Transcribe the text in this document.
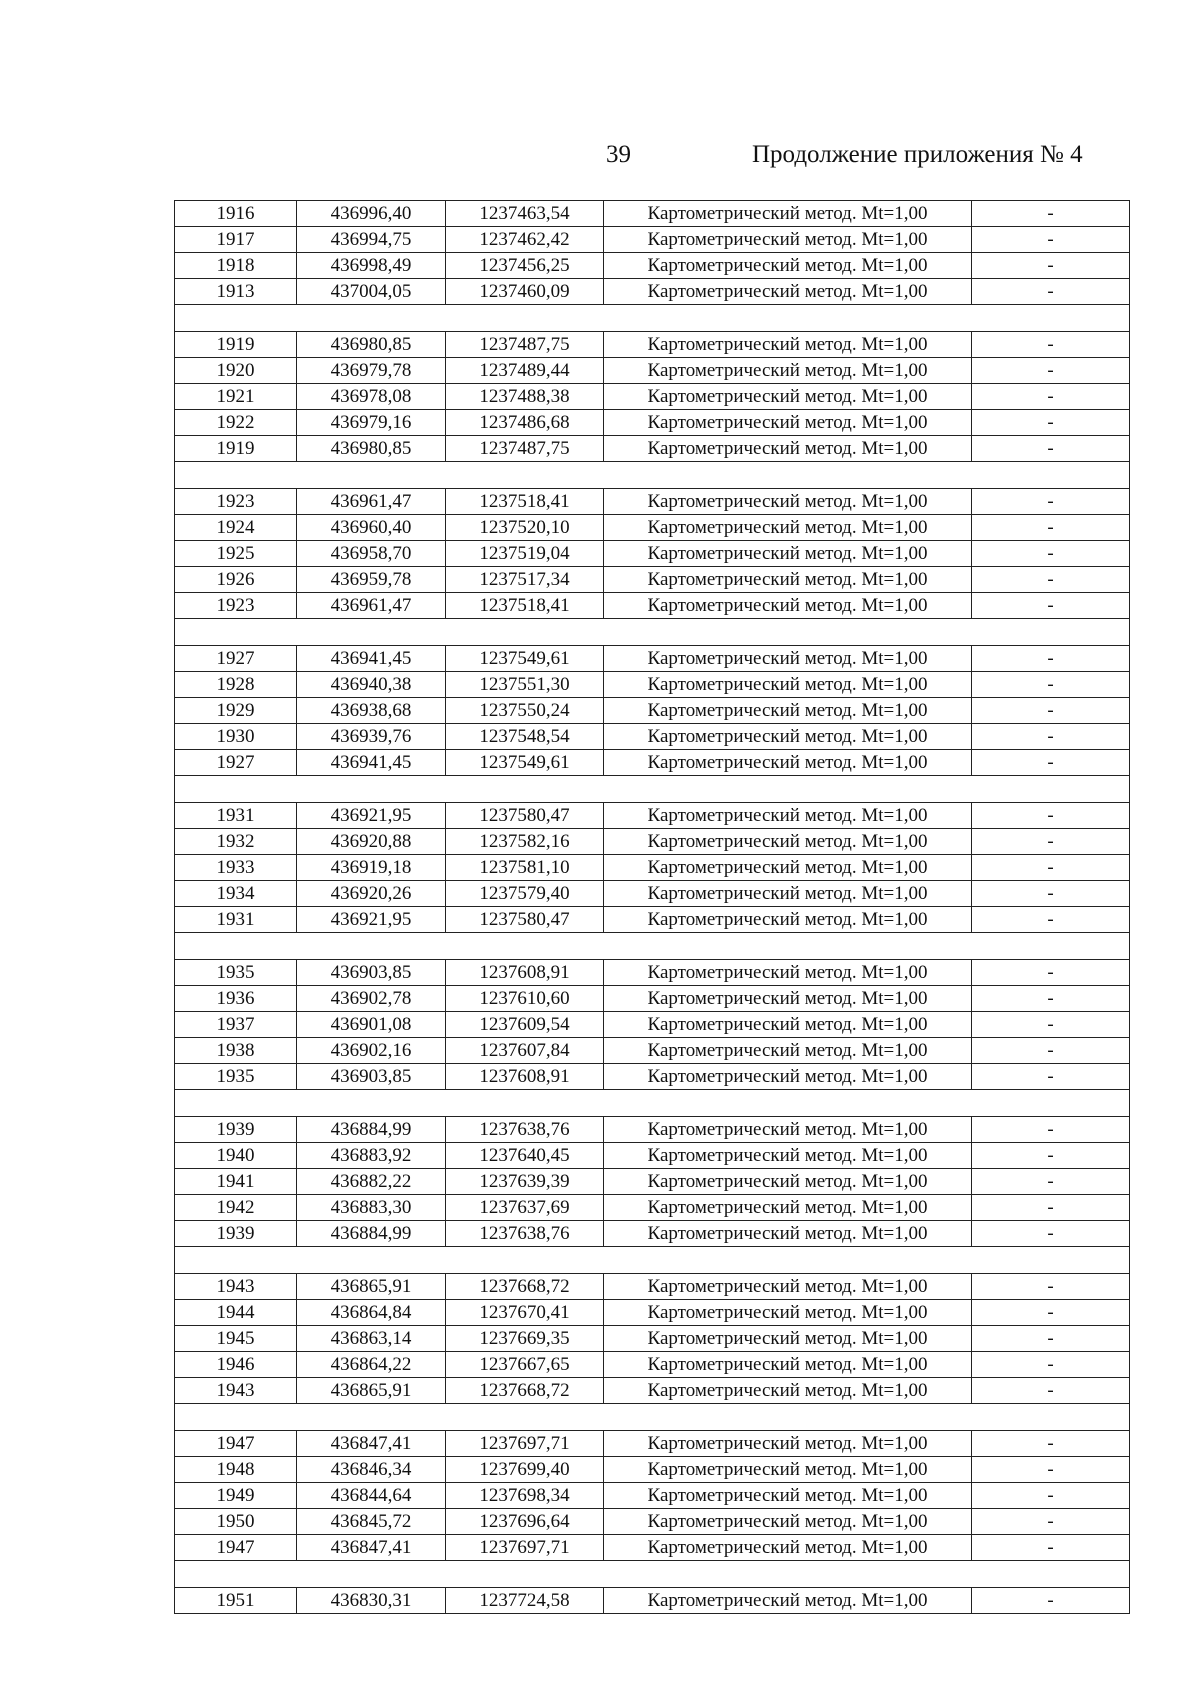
39	Продолжение приложения № 4
1916	436996,40	1237463,54	Картометрический метод. Mt=1,00	-
1917	436994,75	1237462,42	Картометрический метод. Mt=1,00	-
1918	436998,49	1237456,25	Картометрический метод. Mt=1,00	-
1913	437004,05	1237460,09	Картометрический метод. Mt=1,00	-

1919	436980,85	1237487,75	Картометрический метод. Mt=1,00	-
1920	436979,78	1237489,44	Картометрический метод. Mt=1,00	-
1921	436978,08	1237488,38	Картометрический метод. Mt=1,00	-
1922	436979,16	1237486,68	Картометрический метод. Mt=1,00	-
1919	436980,85	1237487,75	Картометрический метод. Mt=1,00	-

1923	436961,47	1237518,41	Картометрический метод. Mt=1,00	-
1924	436960,40	1237520,10	Картометрический метод. Mt=1,00	-
1925	436958,70	1237519,04	Картометрический метод. Mt=1,00	-
1926	436959,78	1237517,34	Картометрический метод. Mt=1,00	-
1923	436961,47	1237518,41	Картометрический метод. Mt=1,00	-

1927	436941,45	1237549,61	Картометрический метод. Mt=1,00	-
1928	436940,38	1237551,30	Картометрический метод. Mt=1,00	-
1929	436938,68	1237550,24	Картометрический метод. Mt=1,00	-
1930	436939,76	1237548,54	Картометрический метод. Mt=1,00	-
1927	436941,45	1237549,61	Картометрический метод. Mt=1,00	-

1931	436921,95	1237580,47	Картометрический метод. Mt=1,00	-
1932	436920,88	1237582,16	Картометрический метод. Mt=1,00	-
1933	436919,18	1237581,10	Картометрический метод. Mt=1,00	-
1934	436920,26	1237579,40	Картометрический метод. Mt=1,00	-
1931	436921,95	1237580,47	Картометрический метод. Mt=1,00	-

1935	436903,85	1237608,91	Картометрический метод. Mt=1,00	-
1936	436902,78	1237610,60	Картометрический метод. Mt=1,00	-
1937	436901,08	1237609,54	Картометрический метод. Mt=1,00	-
1938	436902,16	1237607,84	Картометрический метод. Mt=1,00	-
1935	436903,85	1237608,91	Картометрический метод. Mt=1,00	-

1939	436884,99	1237638,76	Картометрический метод. Mt=1,00	-
1940	436883,92	1237640,45	Картометрический метод. Mt=1,00	-
1941	436882,22	1237639,39	Картометрический метод. Mt=1,00	-
1942	436883,30	1237637,69	Картометрический метод. Mt=1,00	-
1939	436884,99	1237638,76	Картометрический метод. Mt=1,00	-

1943	436865,91	1237668,72	Картометрический метод. Mt=1,00	-
1944	436864,84	1237670,41	Картометрический метод. Mt=1,00	-
1945	436863,14	1237669,35	Картометрический метод. Mt=1,00	-
1946	436864,22	1237667,65	Картометрический метод. Mt=1,00	-
1943	436865,91	1237668,72	Картометрический метод. Mt=1,00	-

1947	436847,41	1237697,71	Картометрический метод. Mt=1,00	-
1948	436846,34	1237699,40	Картометрический метод. Mt=1,00	-
1949	436844,64	1237698,34	Картометрический метод. Mt=1,00	-
1950	436845,72	1237696,64	Картометрический метод. Mt=1,00	-
1947	436847,41	1237697,71	Картометрический метод. Mt=1,00	-

1951	436830,31	1237724,58	Картометрический метод. Mt=1,00	-
